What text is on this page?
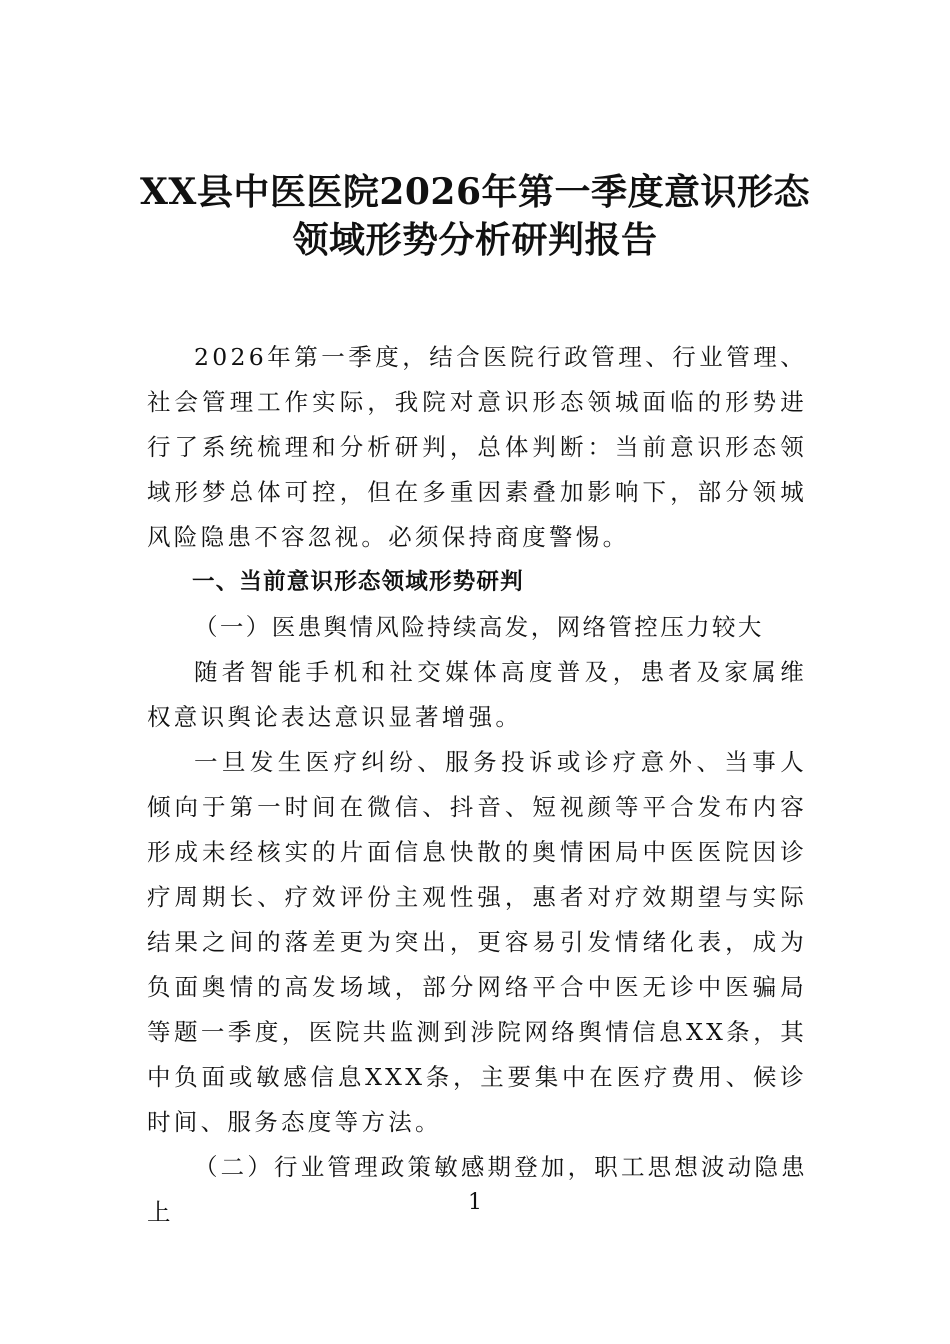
XX县中医医院2026年第一季度意识形态
领域形势分析研判报告

2026年第一季度，结合医院行政管理、行业管理、社会管理工作实际，我院对意识形态领城面临的形势进行了系统梳理和分析研判，总体判断：当前意识形态领域形梦总体可控，但在多重因素叠加影响下，部分领城风险隐患不容忽视。必须保持商度警惕。

一、当前意识形态领域形势研判

（一）医患舆情风险持续高发，网络管控压力较大

随者智能手机和社交媒体高度普及，患者及家属维权意识舆论表达意识显著增强。

一旦发生医疗纠纷、服务投诉或诊疗意外、当事人倾向于第一时间在微信、抖音、短视颜等平合发布内容形成未经核实的片面信息快散的奥情困局中医医院因诊疗周期长、疗效评份主观性强，惠者对疗效期望与实际结果之间的落差更为突出，更容易引发情绪化表，成为负面奥情的高发场域，部分网络平合中医无诊中医骗局等题一季度，医院共监测到涉院网络舆情信息XX条，其中负面或敏感信息XXX条，主要集中在医疗费用、候诊时间、服务态度等方法。

（二）行业管理政策敏感期登加，职工思想波动隐患上	1
